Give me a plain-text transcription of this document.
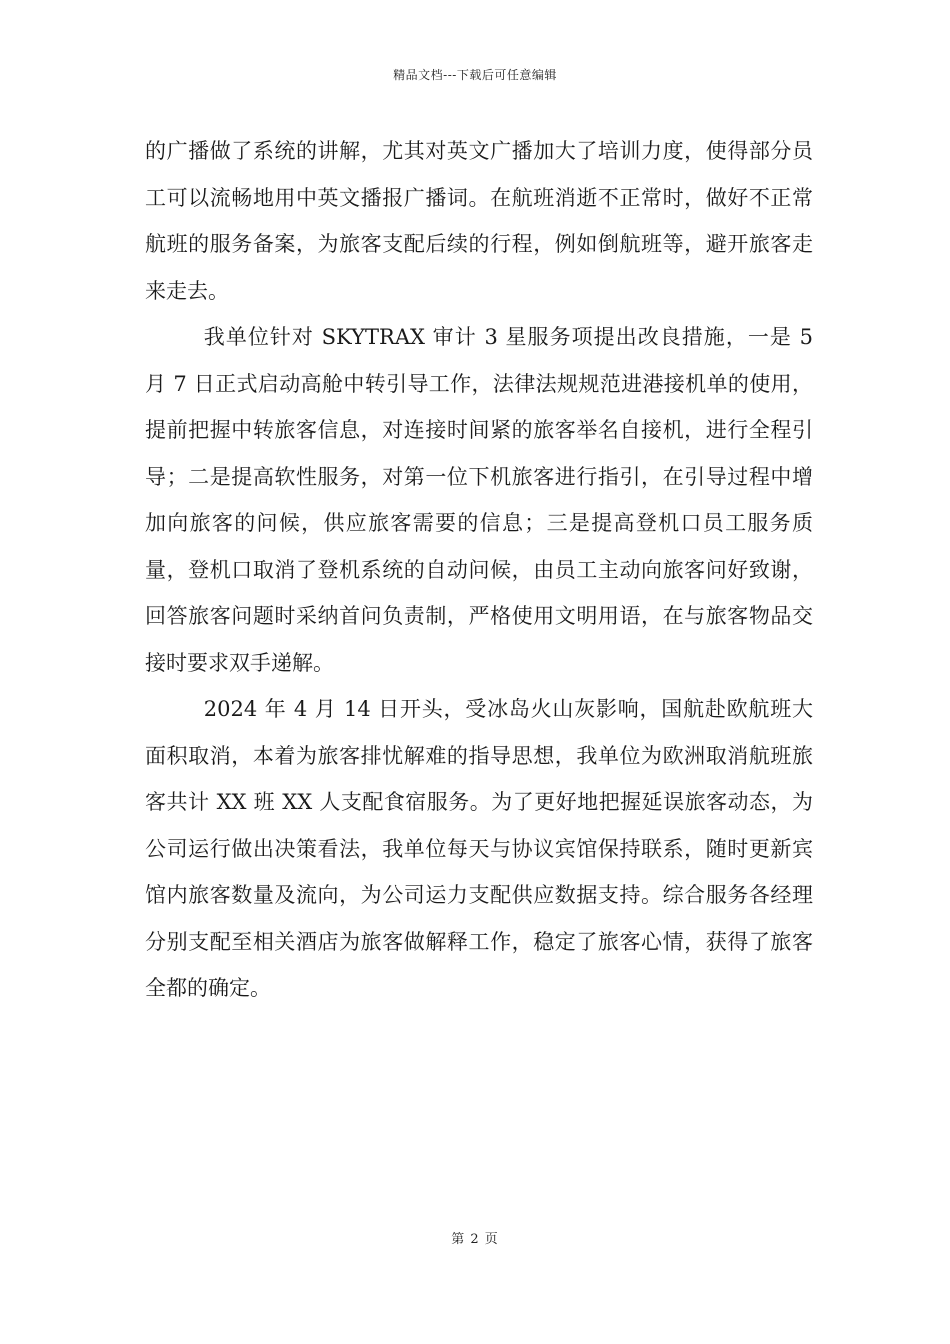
精品文档---下载后可任意编辑

的广播做了系统的讲解，尤其对英文广播加大了培训力度，使得部分员工可以流畅地用中英文播报广播词。在航班消逝不正常时，做好不正常航班的服务备案，为旅客支配后续的行程，例如倒航班等，避开旅客走来走去。

我单位针对 SKYTRAX 审计 3 星服务项提出改良措施，一是 5 月 7 日正式启动高舱中转引导工作，法律法规规范进港接机单的使用，提前把握中转旅客信息，对连接时间紧的旅客举名自接机，进行全程引导；二是提高软性服务，对第一位下机旅客进行指引，在引导过程中增加向旅客的问候，供应旅客需要的信息；三是提高登机口员工服务质量，登机口取消了登机系统的自动问候，由员工主动向旅客问好致谢，回答旅客问题时采纳首问负责制，严格使用文明用语，在与旅客物品交接时要求双手递解。

2024 年 4 月 14 日开头，受冰岛火山灰影响，国航赴欧航班大面积取消，本着为旅客排忧解难的指导思想，我单位为欧洲取消航班旅客共计 XX 班 XX 人支配食宿服务。为了更好地把握延误旅客动态，为公司运行做出决策看法，我单位每天与协议宾馆保持联系，随时更新宾馆内旅客数量及流向，为公司运力支配供应数据支持。综合服务各经理分别支配至相关酒店为旅客做解释工作，稳定了旅客心情，获得了旅客全都的确定。

第 2 页
